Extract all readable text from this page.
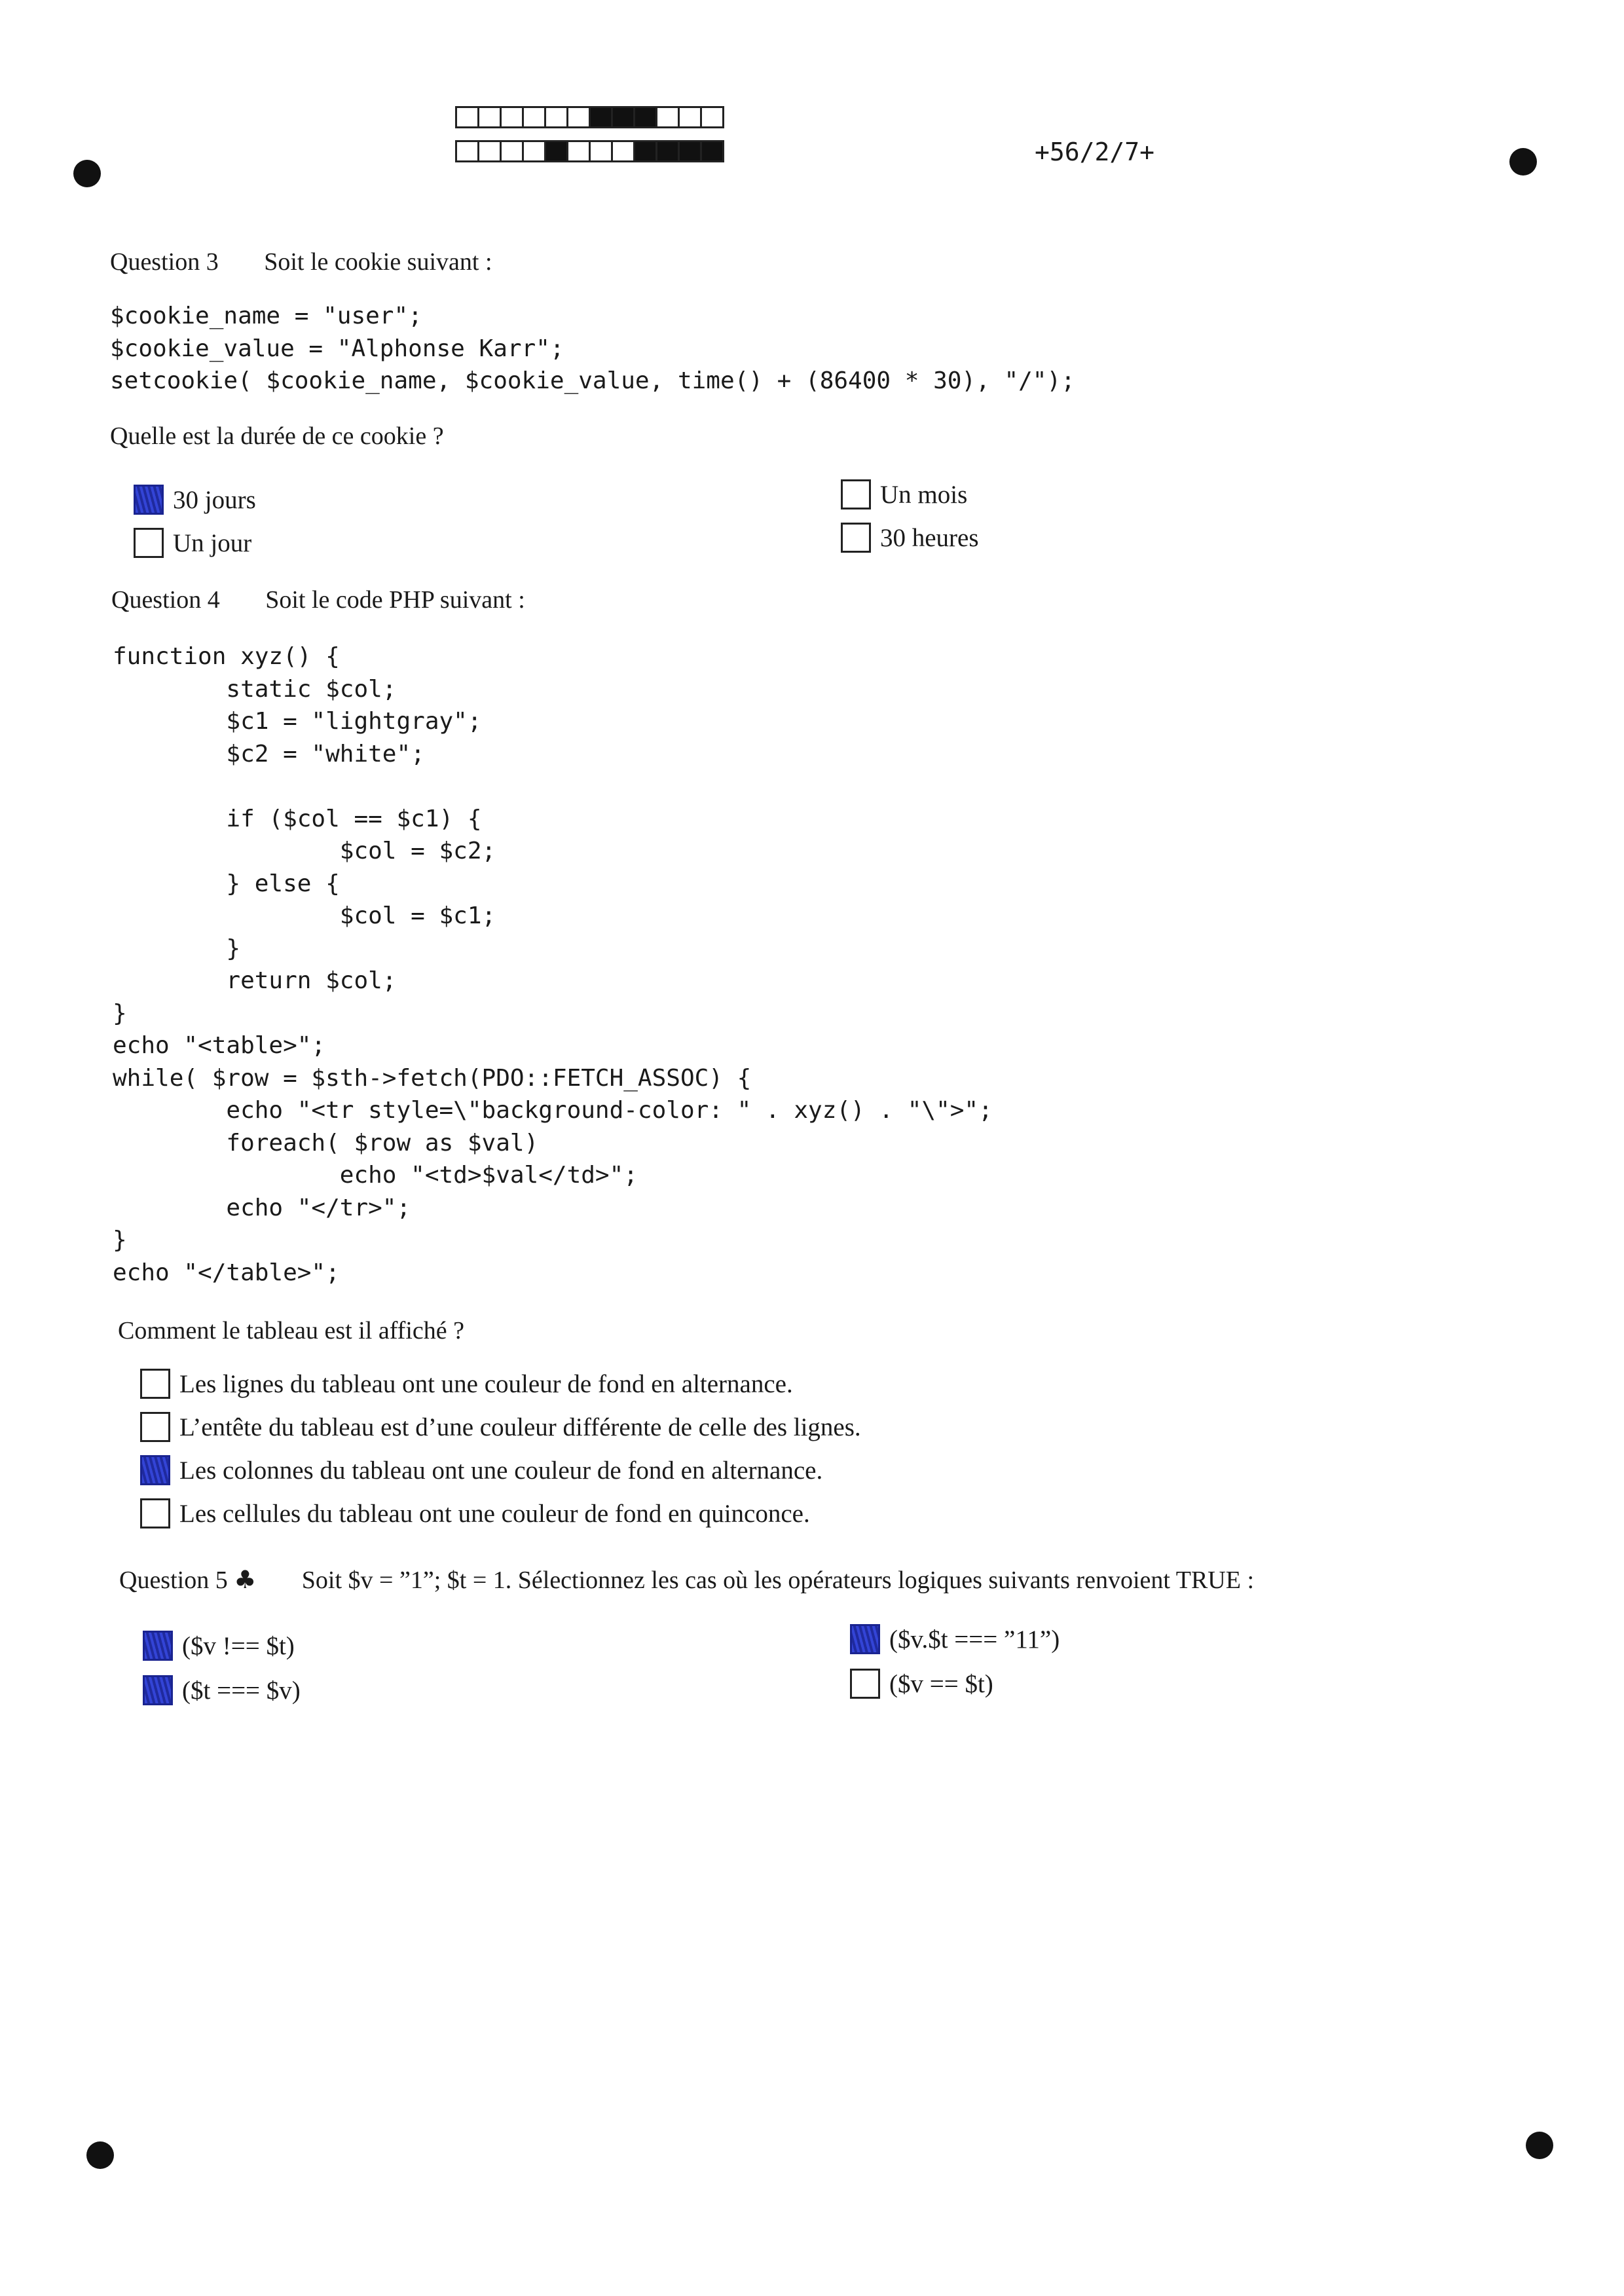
+56/2/7+
Question 3 Soit le cookie suivant :
$cookie_name = "user";
$cookie_value = "Alphonse Karr";
setcookie( $cookie_name, $cookie_value, time() + (86400 * 30), "/");
Quelle est la durée de ce cookie ?
30 jours
Un jour
Un mois
30 heures
Question 4 Soit le code PHP suivant :
function xyz() {
static $col;
$c1 = "lightgray";
$c2 = "white";

if ($col == $c1) {
$col = $c2;
} else {
$col = $c1;
}
return $col;
}
echo "<table>";
while( $row = $sth->fetch(PDO::FETCH_ASSOC) {
echo "<tr style=\"background-color: " . xyz() . "\">";
foreach( $row as $val)
echo "<td>$val</td>";
echo "</tr>";
}
echo "</table>";
Comment le tableau est il affiché ?
Les lignes du tableau ont une couleur de fond en alternance.
L’entête du tableau est d’une couleur différente de celle des lignes.
Les colonnes du tableau ont une couleur de fond en alternance.
Les cellules du tableau ont une couleur de fond en quinconce.
Question 5 ♣ Soit $v = ”1”; $t = 1. Sélectionnez les cas où les opérateurs logiques suivants renvoient TRUE :
($v !== $t)
($t === $v)
($v.$t === ”11”)
($v == $t)
